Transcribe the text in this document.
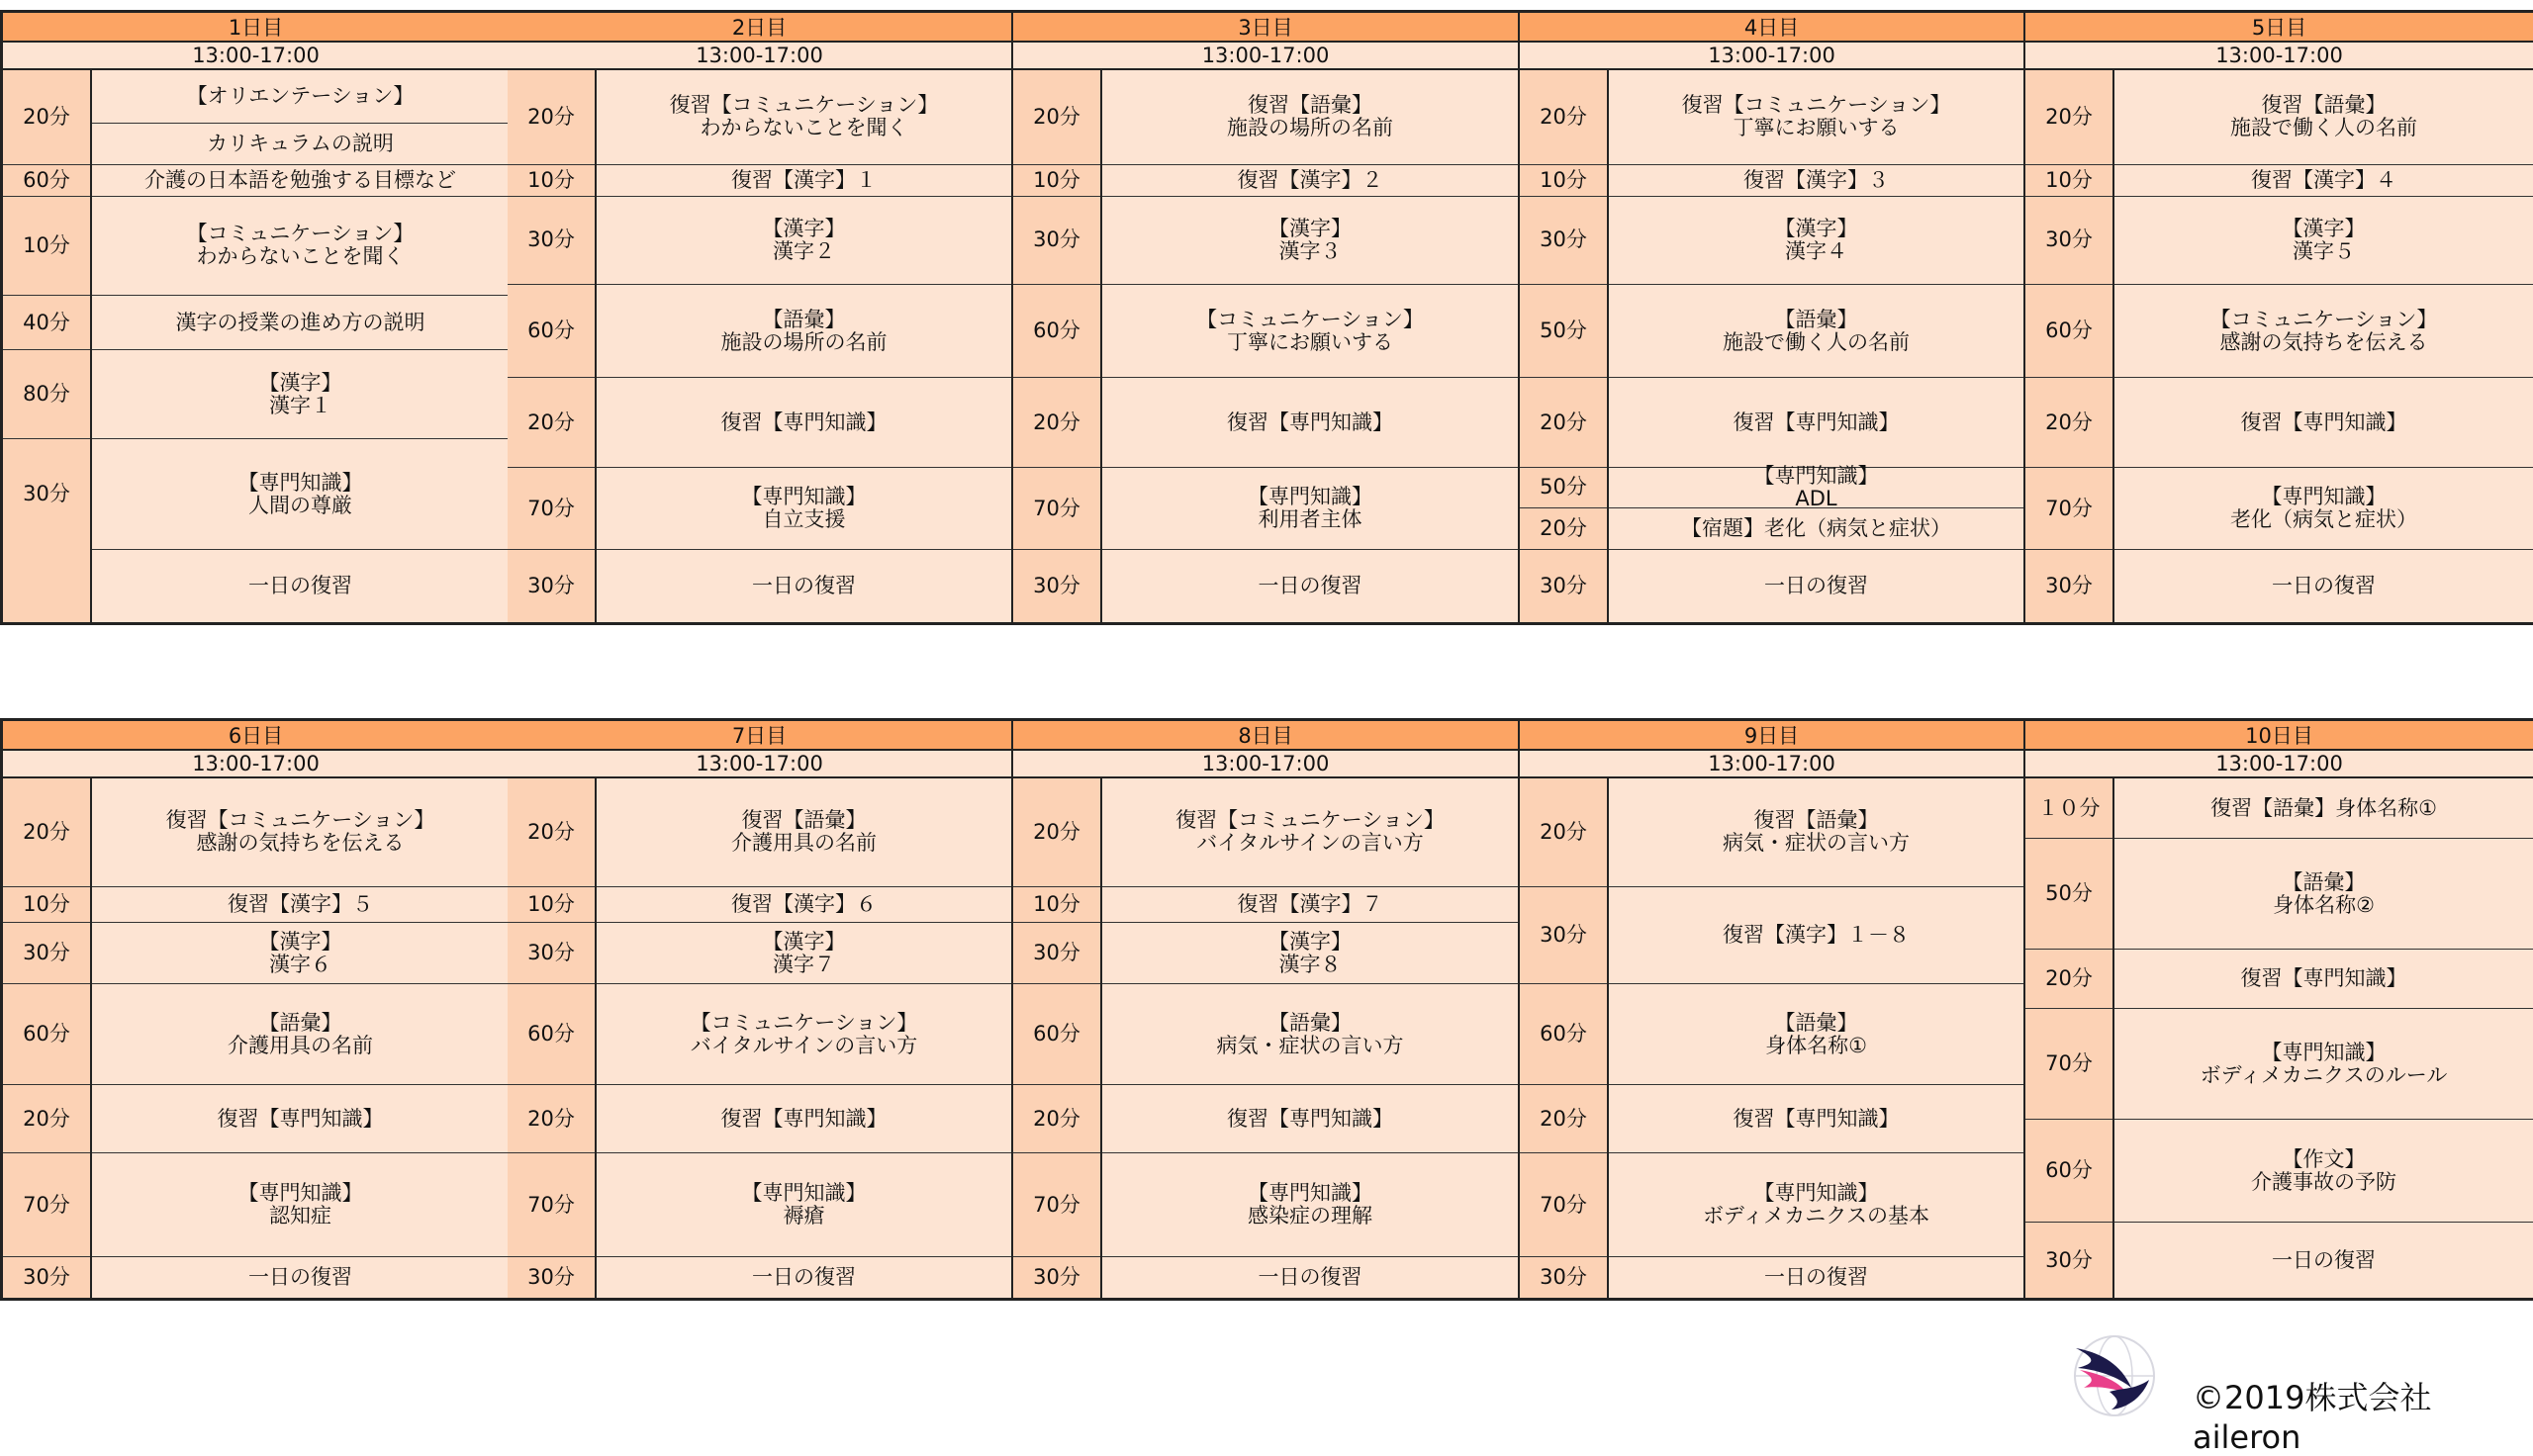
1日目
13:00-17:00
20分
60分
10分
40分
80分
30分
【オリエンテーション】
カリキュラムの説明
介護の日本語を勉強する目標など
【コミュニケーション】
わからないことを聞く
漢字の授業の進め方の説明
【漢字】
漢字１
【専門知識】
人間の尊厳
一日の復習
2日目
13:00-17:00
20分
10分
30分
60分
20分
70分
30分
復習【コミュニケーション】
わからないことを聞く
復習【漢字】１
【漢字】
漢字２
【語彙】
施設の場所の名前
復習【専門知識】
【専門知識】
自立支援
一日の復習
3日目
13:00-17:00
20分
10分
30分
60分
20分
70分
30分
復習【語彙】
施設の場所の名前
復習【漢字】２
【漢字】
漢字３
【コミュニケーション】
丁寧にお願いする
復習【専門知識】
【専門知識】
利用者主体
一日の復習
4日目
13:00-17:00
20分
10分
30分
50分
20分
50分
20分
30分
復習【コミュニケーション】
丁寧にお願いする
復習【漢字】３
【漢字】
漢字４
【語彙】
施設で働く人の名前
復習【専門知識】
【専門知識】
ADL
【宿題】老化（病気と症状）
一日の復習
5日目
13:00-17:00
20分
10分
30分
60分
20分
70分
30分
復習【語彙】
施設で働く人の名前
復習【漢字】４
【漢字】
漢字５
【コミュニケーション】
感謝の気持ちを伝える
復習【専門知識】
【専門知識】
老化（病気と症状）
一日の復習
6日目
13:00-17:00
20分
10分
30分
60分
20分
70分
30分
復習【コミュニケーション】
感謝の気持ちを伝える
復習【漢字】５
【漢字】
漢字６
【語彙】
介護用具の名前
復習【専門知識】
【専門知識】
認知症
一日の復習
7日目
13:00-17:00
20分
10分
30分
60分
20分
70分
30分
復習【語彙】
介護用具の名前
復習【漢字】６
【漢字】
漢字７
【コミュニケーション】
バイタルサインの言い方
復習【専門知識】
【専門知識】
褥瘡
一日の復習
8日目
13:00-17:00
20分
10分
30分
60分
20分
70分
30分
復習【コミュニケーション】
バイタルサインの言い方
復習【漢字】７
【漢字】
漢字８
【語彙】
病気・症状の言い方
復習【専門知識】
【専門知識】
感染症の理解
一日の復習
9日目
13:00-17:00
20分
30分
60分
20分
70分
30分
復習【語彙】
病気・症状の言い方
復習【漢字】１－８
【語彙】
身体名称①
復習【専門知識】
【専門知識】
ボディメカニクスの基本
一日の復習
10日目
13:00-17:00
１０分
50分
20分
70分
60分
30分
復習【語彙】身体名称①
【語彙】
身体名称②
復習【専門知識】
【専門知識】
ボディメカニクスのルール
【作文】
介護事故の予防
一日の復習
©2019株式会社aileron
